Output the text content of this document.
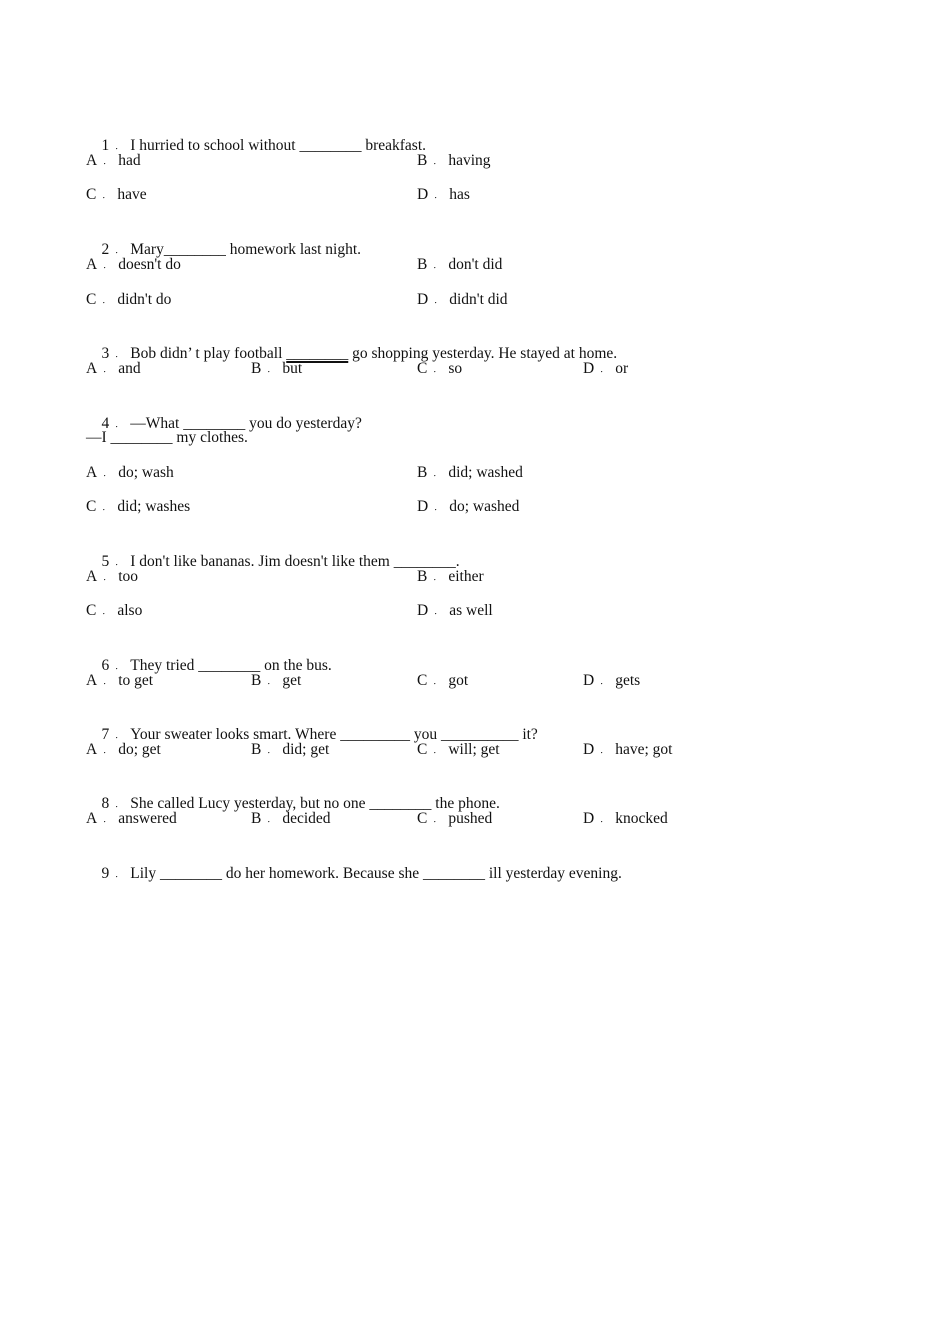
1 ． I hurried to school without ________ breakfast.

A ． had	B ． having
C ． have	D ． has

2 ． Mary________ homework last night.

A ． doesn't do	B ． don't did
C ． didn't do	D ． didn't did

3 ． Bob didn’ t play football ________ go shopping yesterday. He stayed at home.

A ． and	B ． but	C ． so	D ． or

4 ． —What ________ you do yesterday?

—I ________ my clothes.
A ． do; wash	B ． did; washed
C ． did; washes	D ． do; washed

5 ． I don't like bananas. Jim doesn't like them ________.

A ． too	B ． either
C ． also	D ． as well

6 ． They tried ________ on the bus.

A ． to get	B ． get	C ． got	D ． gets

7 ． Your sweater looks smart. Where _________ you __________ it?

A ． do; get	B ． did; get	C ． will; get	D ． have; got

8 ． She called Lucy yesterday, but no one ________ the phone.

A ． answered	B ． decided	C ． pushed	D ． knocked

9 ． Lily ________ do her homework. Because she ________ ill yesterday evening.
